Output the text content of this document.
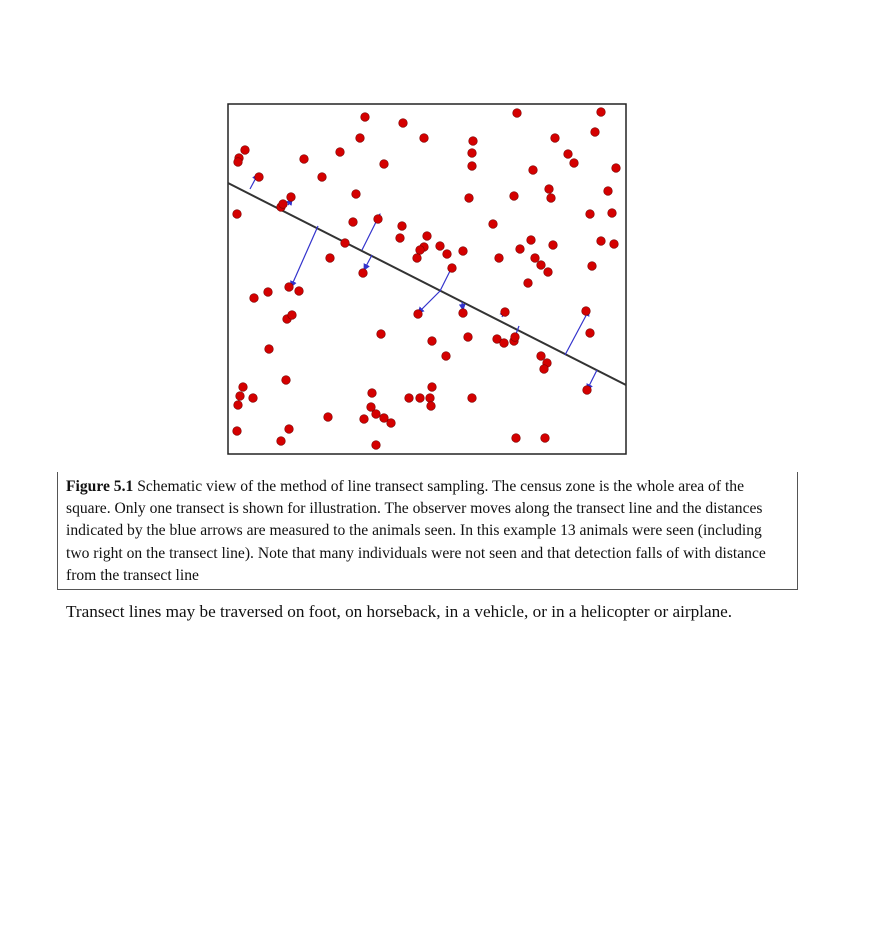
Figure 5.1 Schematic view of the method of line transect sampling. The census zone is the whole area of the square. Only one transect is shown for illustration. The observer moves along the transect line and the distances indicated by the blue arrows are measured to the animals seen. In this example 13 animals were seen (including two right on the transect line). Note that many individuals were not seen and that detection falls of with distance from the transect line

Transect lines may be traversed on foot, on horseback, in a vehicle, or in a helicopter or airplane.
